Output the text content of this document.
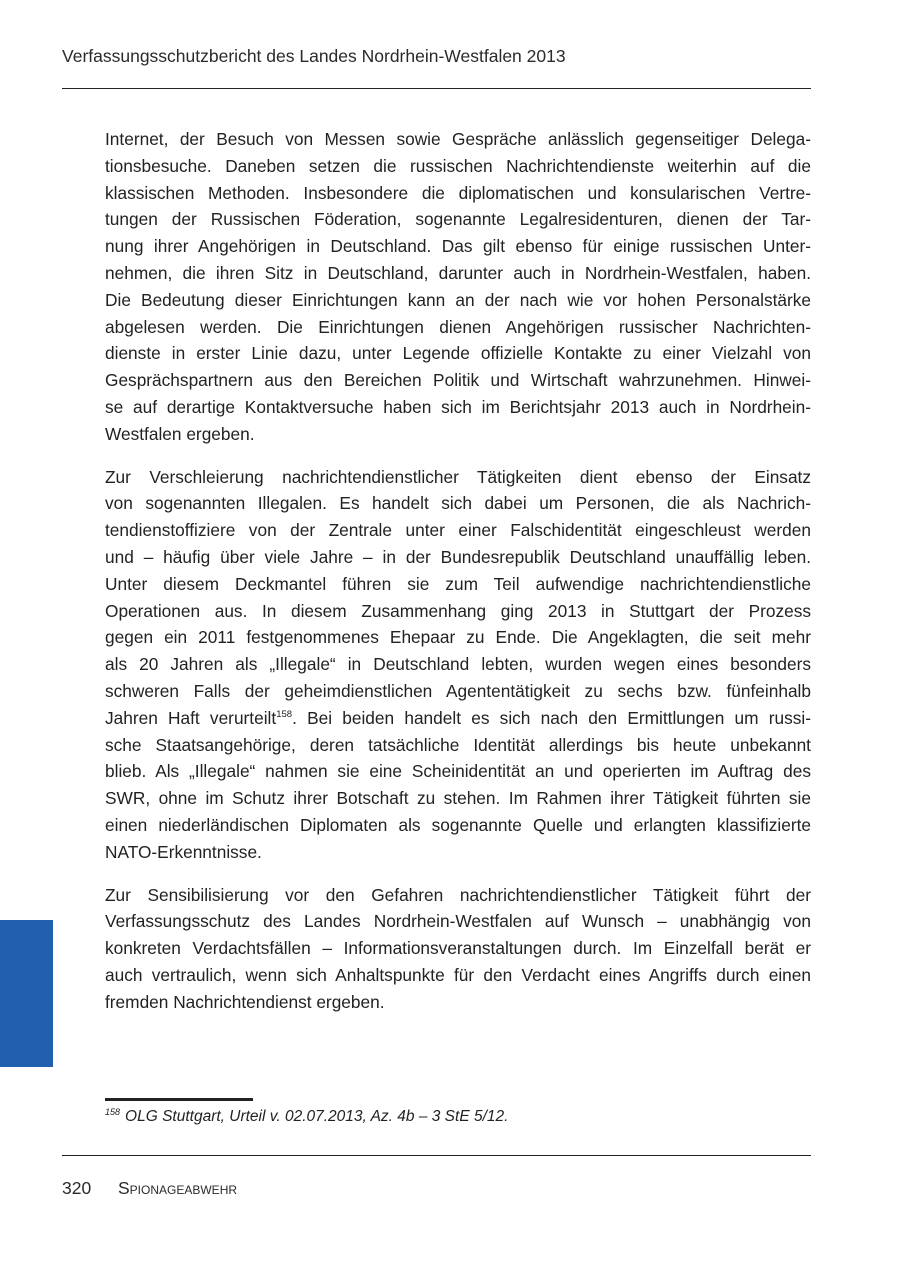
Verfassungsschutzbericht des Landes Nordrhein-Westfalen 2013

Internet, der Besuch von Messen sowie Gespräche anlässlich gegenseitiger Delega-
tionsbesuche. Daneben setzen die russischen Nachrichtendienste weiterhin auf die
klassischen Methoden. Insbesondere die diplomatischen und konsularischen Vertre-
tungen der Russischen Föderation, sogenannte Legalresidenturen, dienen der Tar-
nung ihrer Angehörigen in Deutschland. Das gilt ebenso für einige russischen Unter-
nehmen, die ihren Sitz in Deutschland, darunter auch in Nordrhein-Westfalen, haben.
Die Bedeutung dieser Einrichtungen kann an der nach wie vor hohen Personalstärke
abgelesen werden. Die Einrichtungen dienen Angehörigen russischer Nachrichten-
dienste in erster Linie dazu, unter Legende offizielle Kontakte zu einer Vielzahl von
Gesprächspartnern aus den Bereichen Politik und Wirtschaft wahrzunehmen. Hinwei-
se auf derartige Kontaktversuche haben sich im Berichtsjahr 2013 auch in Nordrhein-
Westfalen ergeben.

Zur Verschleierung nachrichtendienstlicher Tätigkeiten dient ebenso der Einsatz
von sogenannten Illegalen. Es handelt sich dabei um Personen, die als Nachrich-
tendienstoffiziere von der Zentrale unter einer Falschidentität eingeschleust werden
und – häufig über viele Jahre – in der Bundesrepublik Deutschland unauffällig leben.
Unter diesem Deckmantel führen sie zum Teil aufwendige nachrichtendienstliche
Operationen aus. In diesem Zusammenhang ging 2013 in Stuttgart der Prozess
gegen ein 2011 festgenommenes Ehepaar zu Ende. Die Angeklagten, die seit mehr
als 20 Jahren als „Illegale“ in Deutschland lebten, wurden wegen eines besonders
schweren Falls der geheimdienstlichen Agententätigkeit zu sechs bzw. fünfeinhalb
Jahren Haft verurteilt$^{158}$. Bei beiden handelt es sich nach den Ermittlungen um russi-
sche Staatsangehörige, deren tatsächliche Identität allerdings bis heute unbekannt
blieb. Als „Illegale“ nahmen sie eine Scheinidentität an und operierten im Auftrag des
SWR, ohne im Schutz ihrer Botschaft zu stehen. Im Rahmen ihrer Tätigkeit führten sie
einen niederländischen Diplomaten als sogenannte Quelle und erlangten klassifizierte
NATO-Erkenntnisse.

Zur Sensibilisierung vor den Gefahren nachrichtendienstlicher Tätigkeit führt der
Verfassungsschutz des Landes Nordrhein-Westfalen auf Wunsch – unabhängig von
konkreten Verdachtsfällen – Informationsveranstaltungen durch. Im Einzelfall berät er
auch vertraulich, wenn sich Anhaltspunkte für den Verdacht eines Angriffs durch einen
fremden Nachrichtendienst ergeben.

$^{158}$ OLG Stuttgart, Urteil v. 02.07.2013, Az. 4b – 3 StE 5/12.
320 Spionageabwehr
